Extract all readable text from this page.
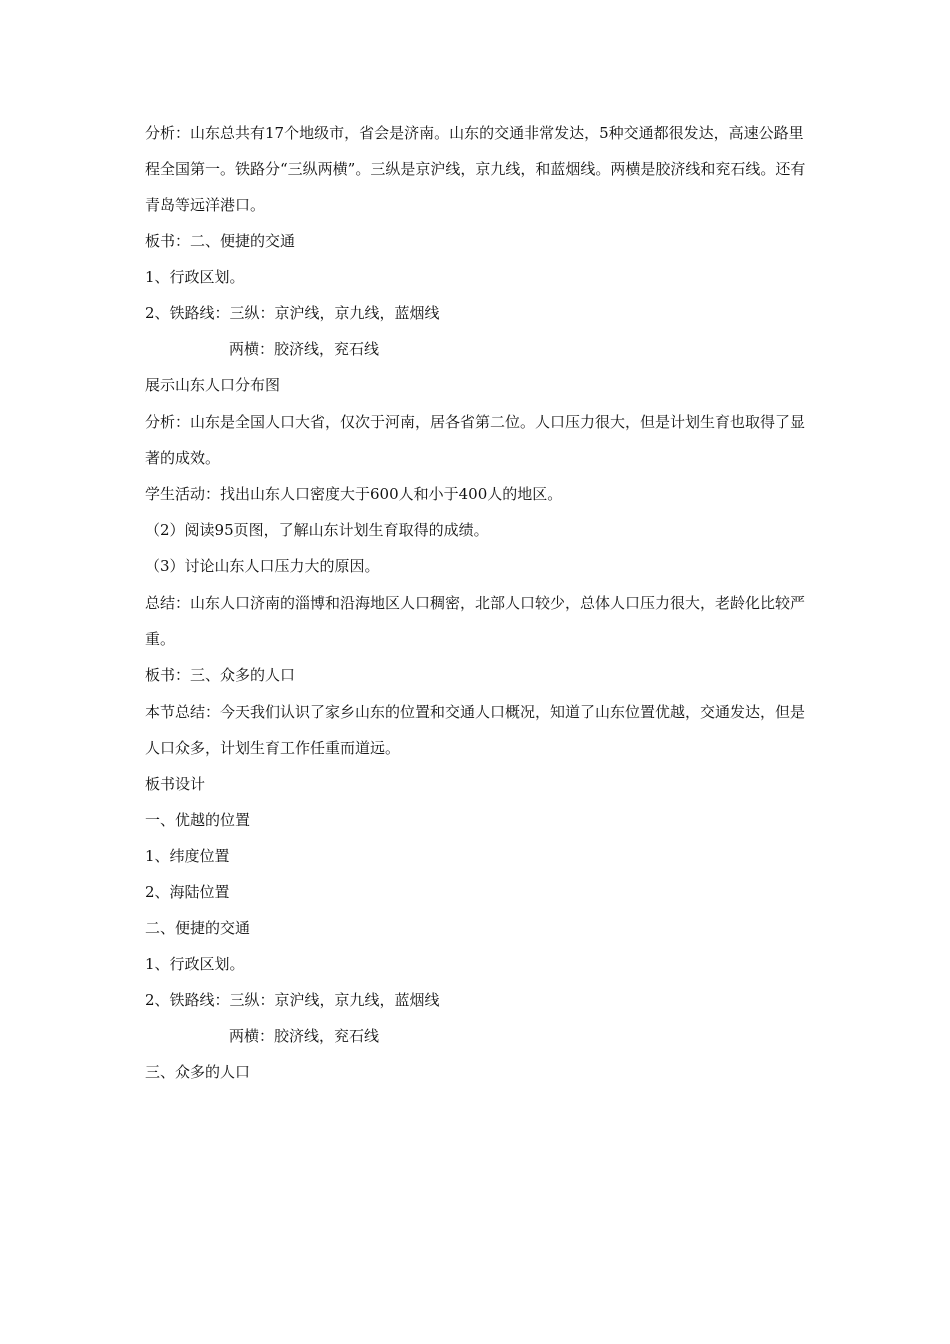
分析：山东总共有17个地级市，省会是济南。山东的交通非常发达，5种交通都很发达，高速公路里程全国第一。铁路分“三纵两横”。三纵是京沪线，京九线，和蓝烟线。两横是胶济线和兖石线。还有青岛等远洋港口。

板书：二、便捷的交通

1、行政区划。

2、铁路线：三纵：京沪线，京九线，蓝烟线

两横：胶济线，兖石线

展示山东人口分布图

分析：山东是全国人口大省，仅次于河南，居各省第二位。人口压力很大，但是计划生育也取得了显著的成效。

学生活动：找出山东人口密度大于600人和小于400人的地区。

（2）阅读95页图，了解山东计划生育取得的成绩。

（3）讨论山东人口压力大的原因。

总结：山东人口济南的淄博和沿海地区人口稠密，北部人口较少，总体人口压力很大，老龄化比较严重。

板书：三、众多的人口

本节总结：今天我们认识了家乡山东的位置和交通人口概况，知道了山东位置优越，交通发达，但是人口众多，计划生育工作任重而道远。

板书设计

一、优越的位置

1、纬度位置

2、海陆位置

二、便捷的交通

1、行政区划。

2、铁路线：三纵：京沪线，京九线，蓝烟线

两横：胶济线，兖石线

三、众多的人口
